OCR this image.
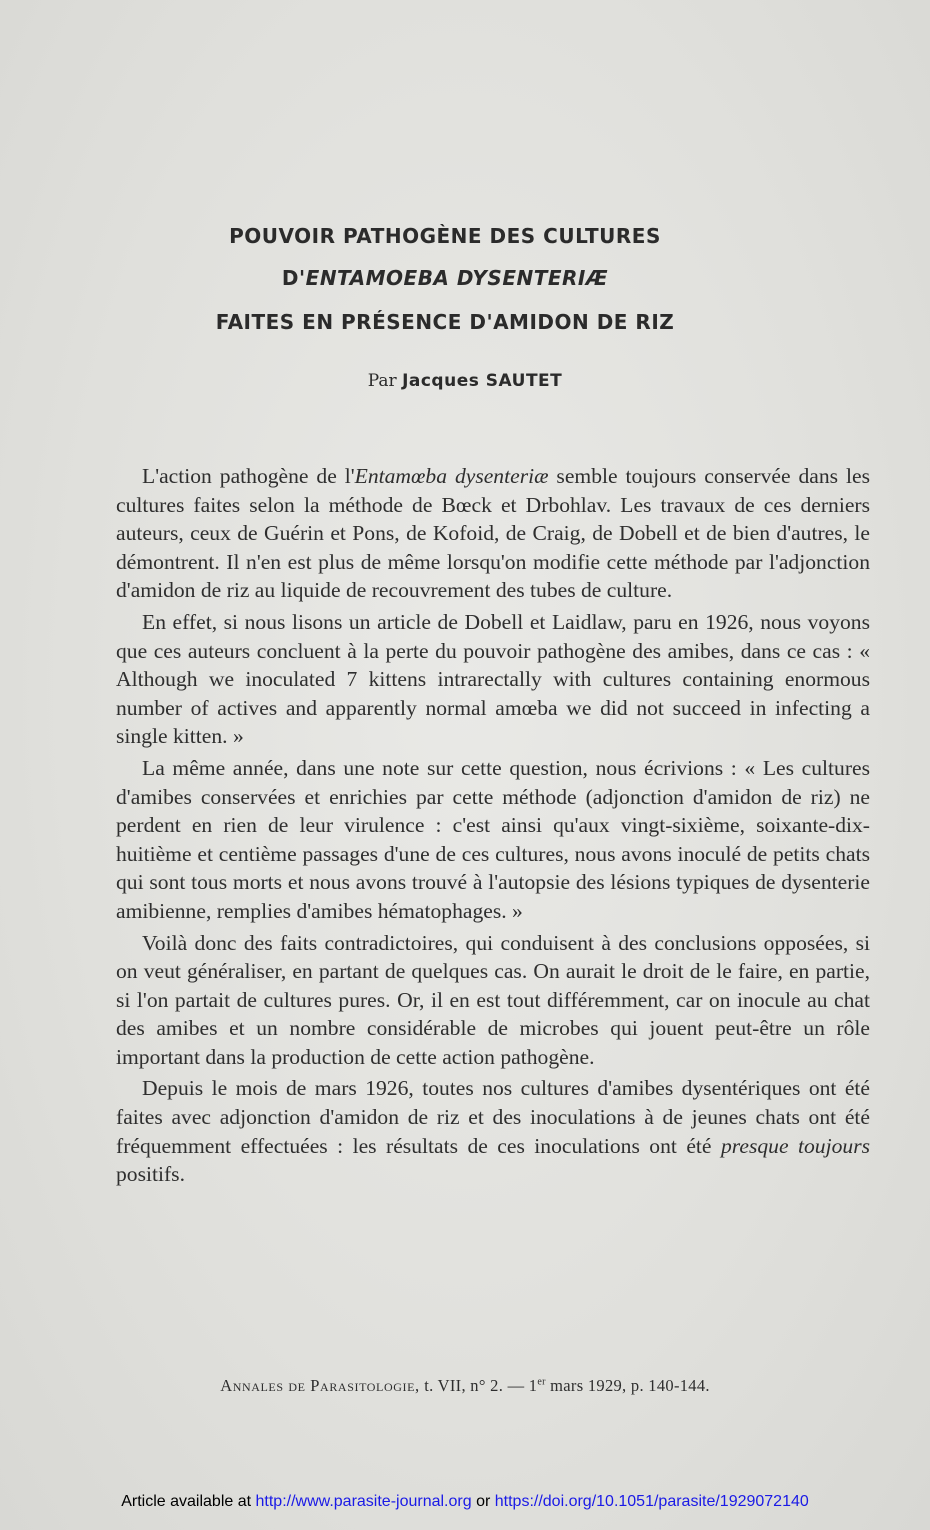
POUVOIR PATHOGÈNE DES CULTURES
D'ENTAMOEBA DYSENTERIÆ
FAITES EN PRÉSENCE D'AMIDON DE RIZ
Par Jacques SAUTET

L'action pathogène de l'Entamœba dysenteriæ semble toujours conservée dans les cultures faites selon la méthode de Bœck et Drbohlav. Les travaux de ces derniers auteurs, ceux de Guérin et Pons, de Kofoid, de Craig, de Dobell et de bien d'autres, le démontrent. Il n'en est plus de même lorsqu'on modifie cette méthode par l'adjonction d'amidon de riz au liquide de recouvrement des tubes de culture.

En effet, si nous lisons un article de Dobell et Laidlaw, paru en 1926, nous voyons que ces auteurs concluent à la perte du pouvoir pathogène des amibes, dans ce cas : « Although we inoculated 7 kittens intrarectally with cultures containing enormous number of actives and apparently normal amœba we did not succeed in infecting a single kitten. »

La même année, dans une note sur cette question, nous écrivions : « Les cultures d'amibes conservées et enrichies par cette méthode (adjonction d'amidon de riz) ne perdent en rien de leur virulence : c'est ainsi qu'aux vingt-sixième, soixante-dix-huitième et centième passages d'une de ces cultures, nous avons inoculé de petits chats qui sont tous morts et nous avons trouvé à l'autopsie des lésions typiques de dysenterie amibienne, remplies d'amibes hématophages. »

Voilà donc des faits contradictoires, qui conduisent à des conclusions opposées, si on veut généraliser, en partant de quelques cas. On aurait le droit de le faire, en partie, si l'on partait de cultures pures. Or, il en est tout différemment, car on inocule au chat des amibes et un nombre considérable de microbes qui jouent peut-être un rôle important dans la production de cette action pathogène.

Depuis le mois de mars 1926, toutes nos cultures d'amibes dysentériques ont été faites avec adjonction d'amidon de riz et des inoculations à de jeunes chats ont été fréquemment effectuées : les résultats de ces inoculations ont été presque toujours positifs.

Annales de Parasitologie, t. VII, n° 2. — 1er mars 1929, p. 140-144.
Article available at http://www.parasite-journal.org or https://doi.org/10.1051/parasite/1929072140
